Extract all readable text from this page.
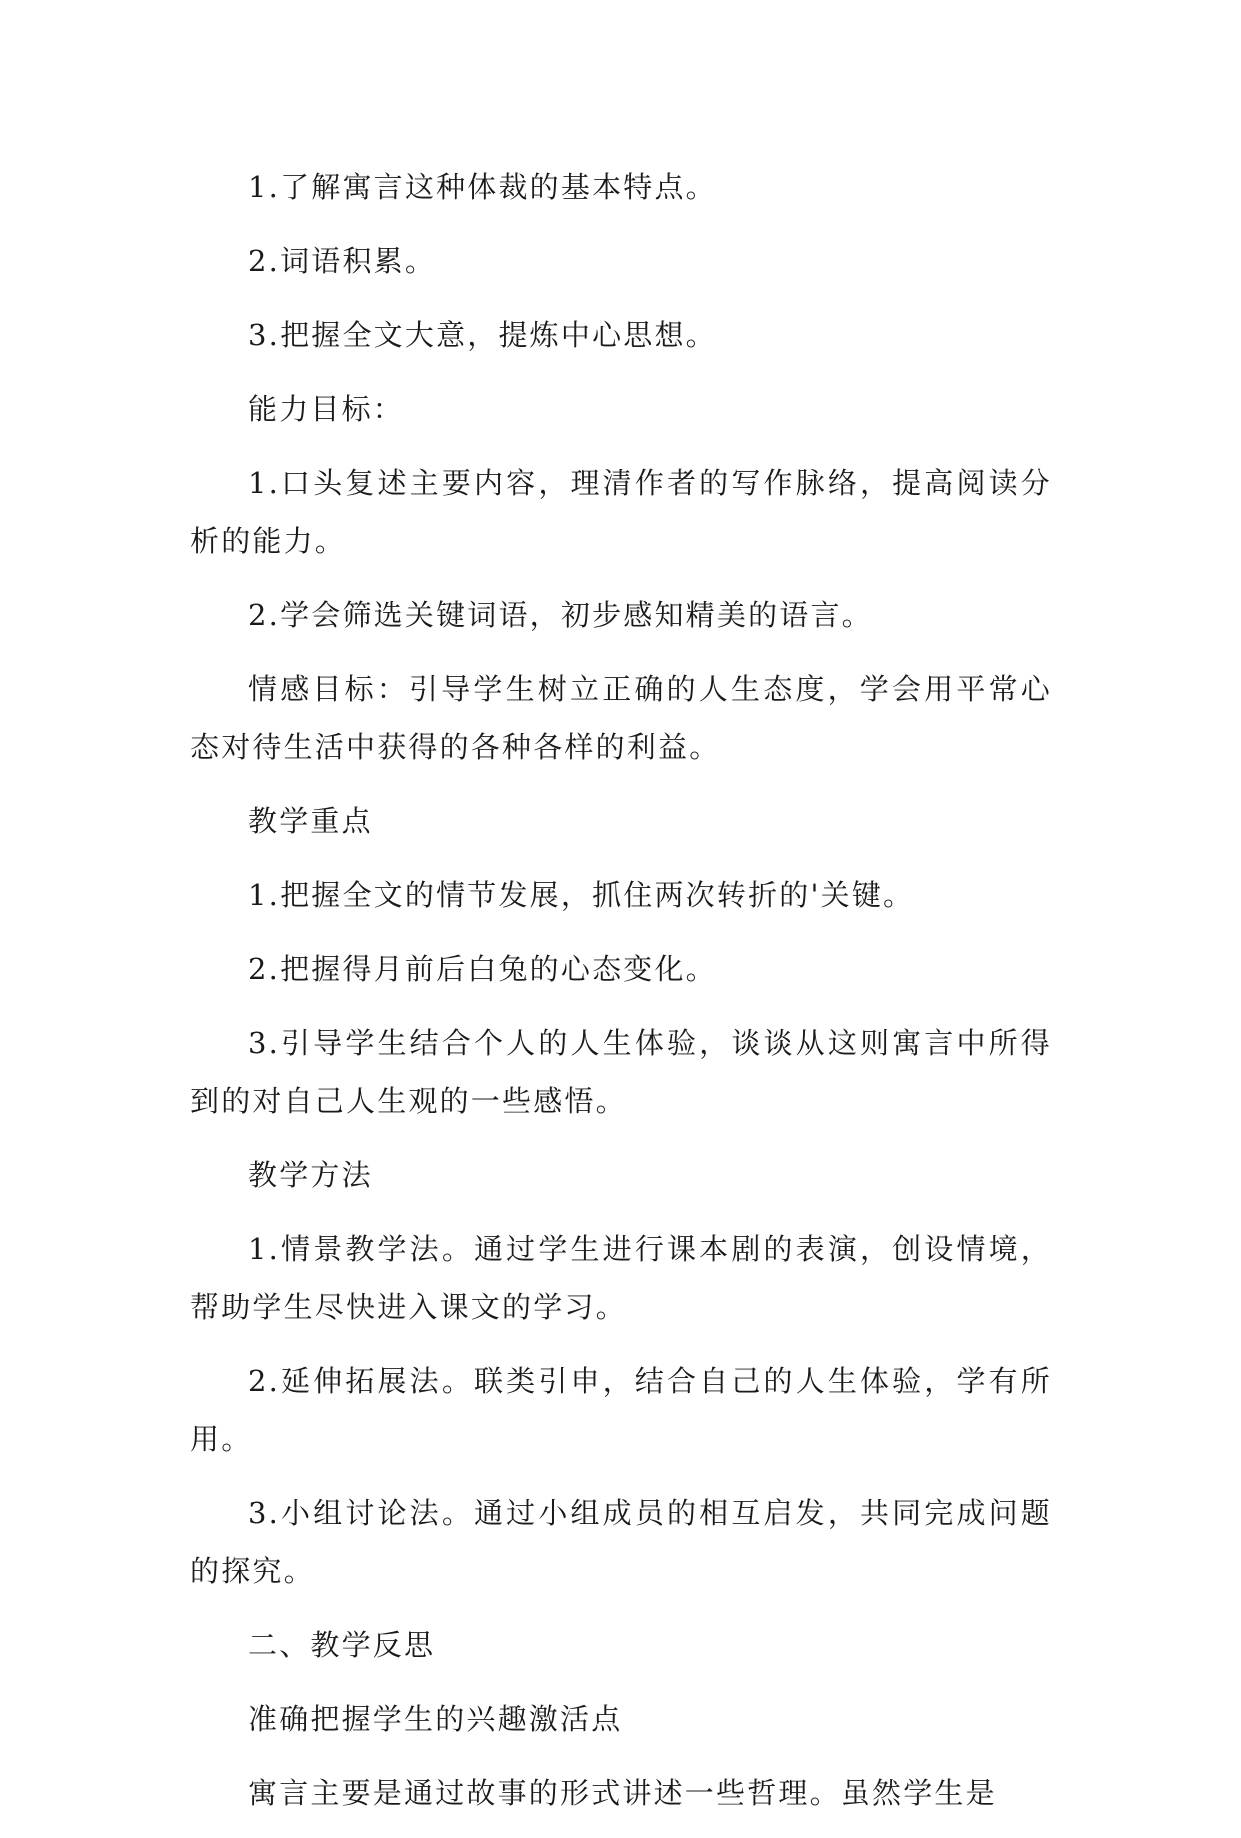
1.了解寓言这种体裁的基本特点。

2.词语积累。

3.把握全文大意，提炼中心思想。

能力目标：

1.口头复述主要内容，理清作者的写作脉络，提高阅读分析的能力。

2.学会筛选关键词语，初步感知精美的语言。

情感目标：引导学生树立正确的人生态度，学会用平常心态对待生活中获得的各种各样的利益。

教学重点

1.把握全文的情节发展，抓住两次转折的'关键。

2.把握得月前后白兔的心态变化。

3.引导学生结合个人的人生体验，谈谈从这则寓言中所得到的对自己人生观的一些感悟。

教学方法

1.情景教学法。通过学生进行课本剧的表演，创设情境，帮助学生尽快进入课文的学习。

2.延伸拓展法。联类引申，结合自己的人生体验，学有所用。

3.小组讨论法。通过小组成员的相互启发，共同完成问题的探究。

二、教学反思

准确把握学生的兴趣激活点

寓言主要是通过故事的形式讲述一些哲理。虽然学生是
